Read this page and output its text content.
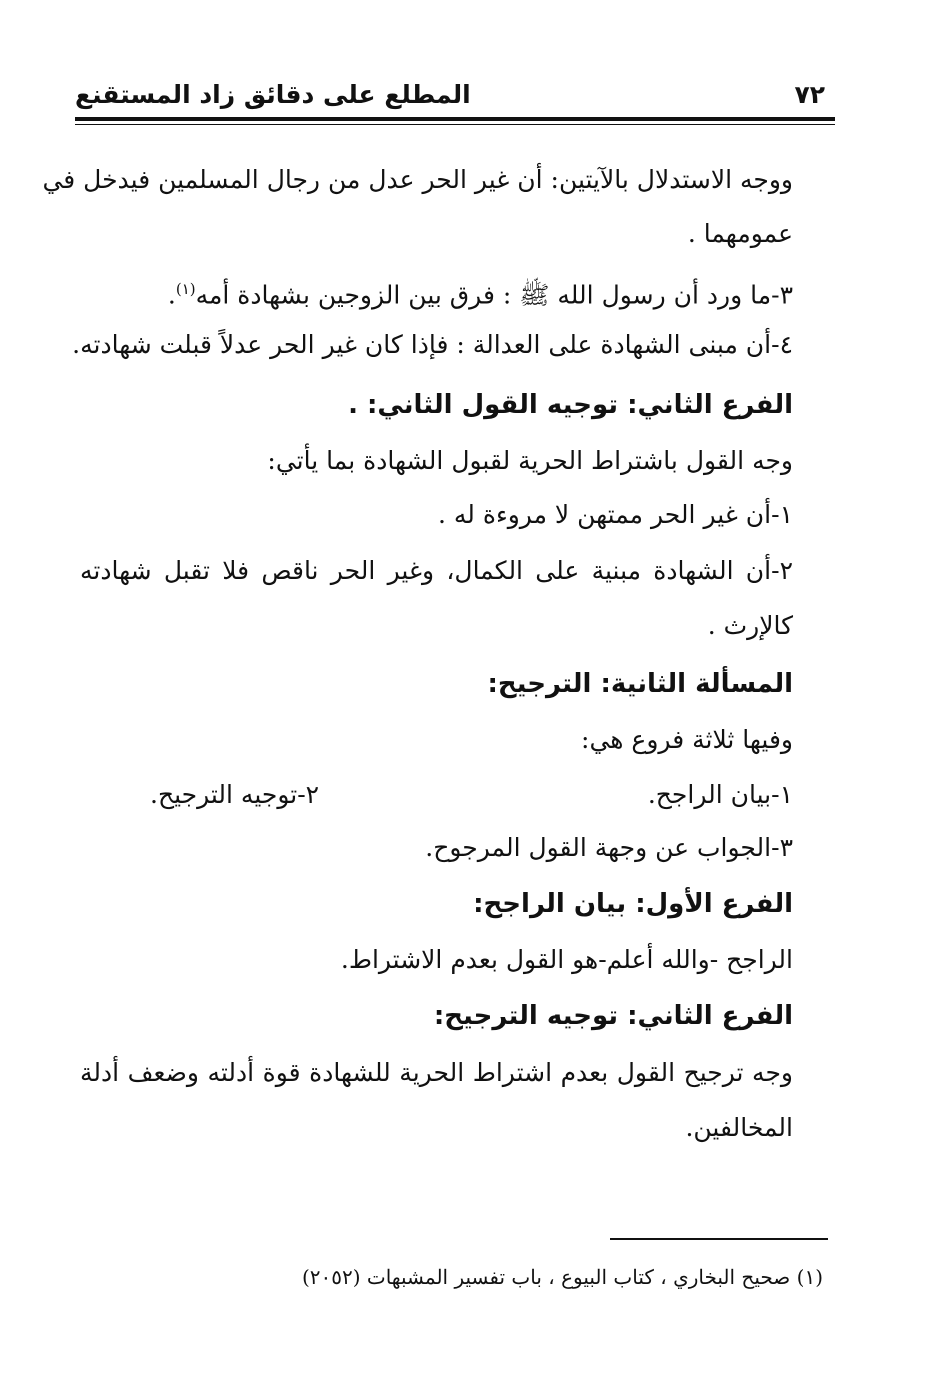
المطلع على دقائق زاد المستقنع	٧٢
ووجه الاستدلال بالآيتين: أن غير الحر عدل من رجال المسلمين فيدخل في
عمومهما .
٣-ما ورد أن رسول الله ﷺ : فرق بين الزوجين بشهادة أمه$^{(١)}$.
٤-أن مبنى الشهادة على العدالة : فإذا كان غير الحر عدلاً قبلت شهادته.
الفرع الثاني: توجيه القول الثاني: .
وجه القول باشتراط الحرية لقبول الشهادة بما يأتي:
١-أن غير الحر ممتهن لا مروءة له .
٢-أن الشهادة مبنية على الكمال، وغير الحر ناقص فلا تقبل شهادته
كالإرث .
المسألة الثانية: الترجيح:
وفيها ثلاثة فروع هي:
١-بيان الراجح.
٢-توجيه الترجيح.
٣-الجواب عن وجهة القول المرجوح.
الفرع الأول: بيان الراجح:
الراجح -والله أعلم-هو القول بعدم الاشتراط.
الفرع الثاني: توجيه الترجيح:
وجه ترجيح القول بعدم اشتراط الحرية للشهادة قوة أدلته وضعف أدلة
المخالفين.
(١) صحيح البخاري ، كتاب البيوع ، باب تفسير المشبهات (٢٠٥٢)
